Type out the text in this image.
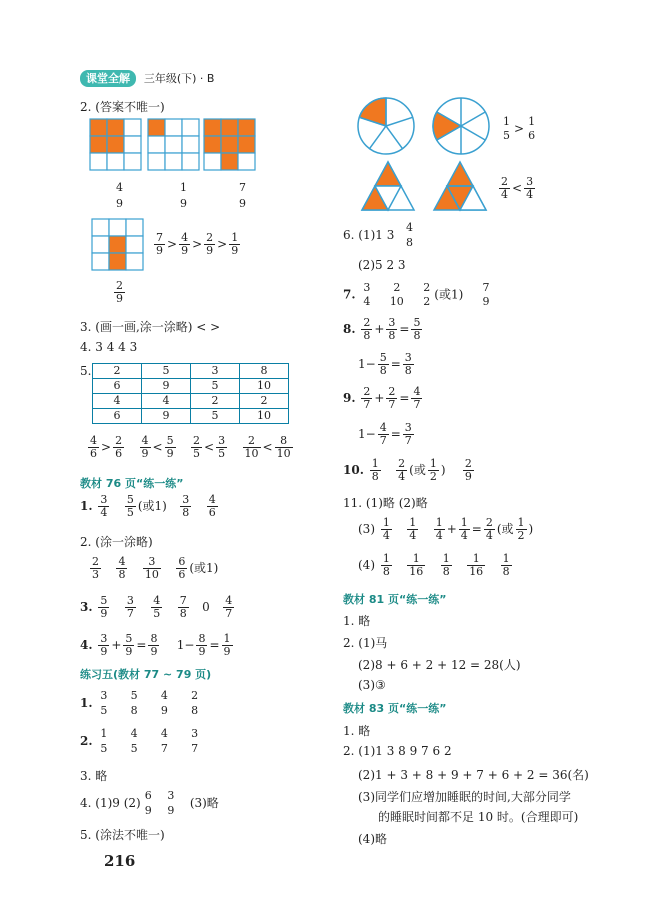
课堂全解 三年级(下) · B
2. (答案不唯一)
4
9
1
9
7
9
$\frac{7}{9} > \frac{4}{9} > \frac{2}{9} > \frac{1}{9}$
$\frac{2}{9}$
3. (画一画,涂一涂略) < >
4. 3 4 4 3
5. 2	5	3	8
6	9	5	10
4	4	2	2
6	9	5	10
$\frac{4}{6} > \frac{2}{6}$
$\frac{4}{9} < \frac{5}{9}$
$\frac{2}{5} < \frac{3}{5}$
$\frac{2}{10} < \frac{8}{10}$
教材 76 页“练一练”
1. $\frac{3}{4}$
$\frac{5}{5}$ (或$1) \frac{3}{8}$
$\frac{4}{6}$
2. (涂一涂略)
$\frac{2}{3}$
$\frac{4}{8}$
$\frac{3}{10}$
$\frac{6}{6}$ (或1)
3. $\frac{5}{9}$
$\frac{3}{7}$
$\frac{4}{5}$
$\frac{7}{8} 0 \frac{4}{7}$
4. $\frac{3}{9} + \frac{5}{9} = \frac{8}{9} 1- \frac{8}{9} = \frac{1}{9}$
练习五(教材 77 ~ 79 页)
1.
3
5

5
8

4
9

2
8
2.
1
5

4
5

4
7

3
7
3. 略
4. (1)9 (2)
6
9

3
9
(3)略
5. (涂法不唯一)
216
1
5 > 1
6
$\frac{2}{4} < \frac{3}{4}$
6. (1)1 3
4
8
(2)5 2 3
7. 3
4

2
10

2
2 (或1) 7
9
8. $\frac{2}{8} + \frac{3}{8} = \frac{5}{8}$
$1- \frac{5}{8} = \frac{3}{8}$
9. $\frac{2}{7} + \frac{2}{7} = \frac{4}{7}$
$1- \frac{4}{7} = \frac{3}{7}$
10. $\frac{1}{8}$
$\frac{2}{4}$ (或 $\frac{1}{2}$ ) $\frac{2}{9}$
11. (1)略 (2)略
$(3) \frac{1}{4}$
$\frac{1}{4}$
$\frac{1}{4} + \frac{1}{4} = \frac{2}{4}$ (或 $\frac{1}{2}$ )
$(4) \frac{1}{8}$
$\frac{1}{16}$
$\frac{1}{8}$
$\frac{1}{16}$
$\frac{1}{8}$
教材 81 页“练一练”
1. 略
2. (1)马
(2)8 + 6 + 2 + 12 = 28(人)
(3)③
教材 83 页“练一练”
1. 略
2. (1)1 3 8 9 7 6 2
(2)1 + 3 + 8 + 9 + 7 + 6 + 2 = 36(名)
(3)同学们应增加睡眠的时间,大部分同学
的睡眠时间都不足 10 时。(合理即可)
(4)略
